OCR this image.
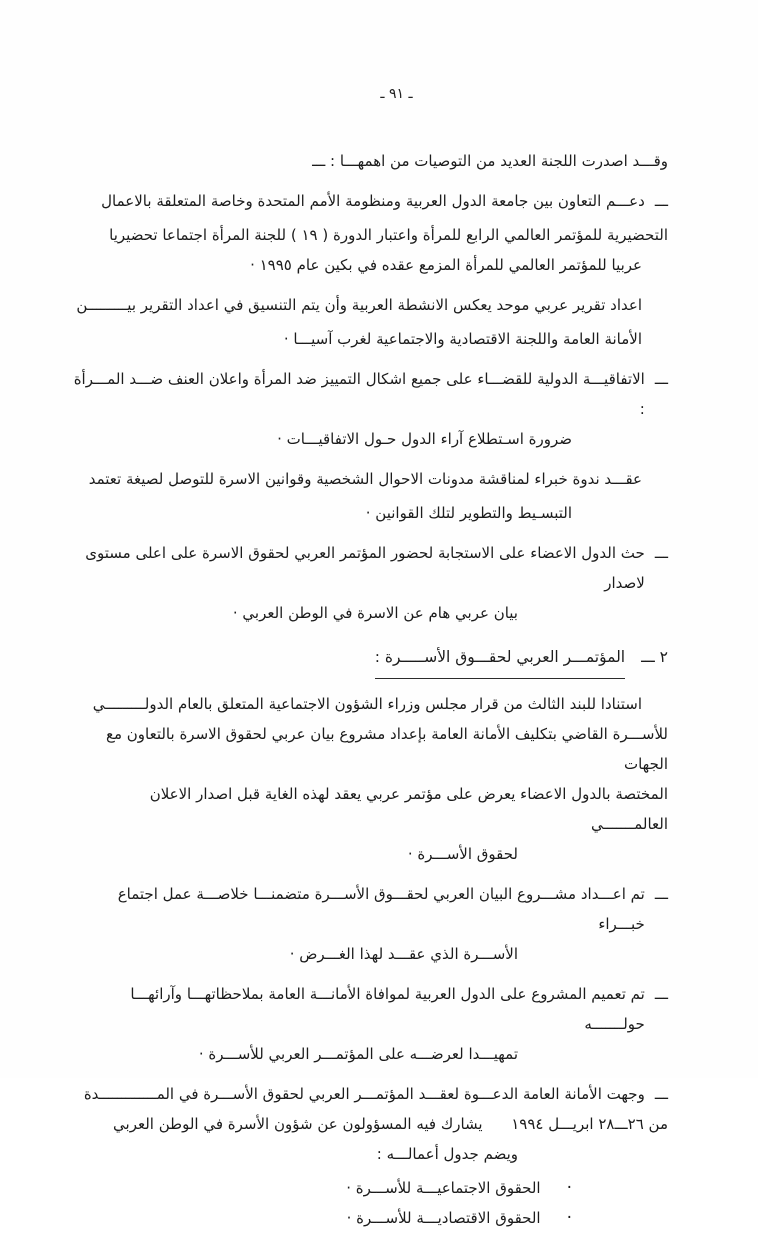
ـ ٩١ ـ
وقـــد اصدرت اللجنة العديد من التوصيات من اهمهـــا : ـــ
ـــ
دعـــم التعاون بين جامعة الدول العربية ومنظومة الأمم المتحدة وخاصة المتعلقة بالاعمال
التحضيرية للمؤتمر العالمي الرابع للمرأة واعتبار الدورة ( ١٩ ) للجنة المرأة اجتماعا تحضيريا
عربيا للمؤتمر العالمي للمرأة المزمع عقده في بكين عام ١٩٩٥ ·
اعداد تقرير عربي موحد يعكس الانشطة العربية وأن يتم التنسيق في اعداد التقرير بيـــــــــن
الأمانة العامة واللجنة الاقتصادية والاجتماعية لغرب آسيـــا ·
ـــ
الاتفاقيـــة الدولية للقضـــاء على جميع اشكال التمييز ضد المرأة واعلان العنف ضـــد المـــرأة :
ضرورة اسـتطلاع آراء الدول حـول الاتفاقيـــات ·
عقـــد ندوة خبراء لمناقشة مدونات الاحوال الشخصية وقوانين الاسرة للتوصل لصيغة تعتمد
التبسـيط والتطوير لتلك القوانين ·
ـــ
حث الدول الاعضاء على الاستجابة لحضور المؤتمر العربي لحقوق الاسرة على اعلى مستوى لاصدار
بيان عربي هام عن الاسرة في الوطن العربي ·
٢ ـــ
المؤتمـــر العربي لحقـــوق الأســـــرة :
استنادا للبند الثالث من قرار مجلس وزراء الشؤون الاجتماعية المتعلق بالعام الدولـــــــــي
للأســـرة القاضي بتكليف الأمانة العامة بإعداد مشروع بيان عربي لحقوق الاسرة بالتعاون مع الجهات
المختصة بالدول الاعضاء يعرض على مؤتمر عربي يعقد لهذه الغاية قبل اصدار الاعلان العالمـــــــي
لحقوق الأســـرة ·
ـــ
تم اعـــداد مشـــروع البيان العربي لحقـــوق الأســـرة متضمنـــا خلاصـــة عمل اجتماع خبـــراء
الأســـرة الذي عقـــد لهذا الغـــرض ·
ـــ
تم تعميم المشروع على الدول العربية لموافاة الأمانـــة العامة بملاحظاتهـــا وآرائهـــا حولـــــــه
تمهيـــدا لعرضـــه على المؤتمـــر العربي للأســـرة ·
ـــ
وجهت الأمانة العامة الدعـــوة لعقـــد المؤتمـــر العربي لحقوق الأســـرة في المـــــــــــــدة
من ٢٦ـــ٢٨ ابريـــل ١٩٩٤      يشارك فيه المسؤولون عن شؤون الأسرة في الوطن العربي
ويضم جدول أعمالـــه :
·
الحقوق الاجتماعيـــة للأســـرة ·
·
الحقوق الاقتصاديـــة للأســـرة ·
